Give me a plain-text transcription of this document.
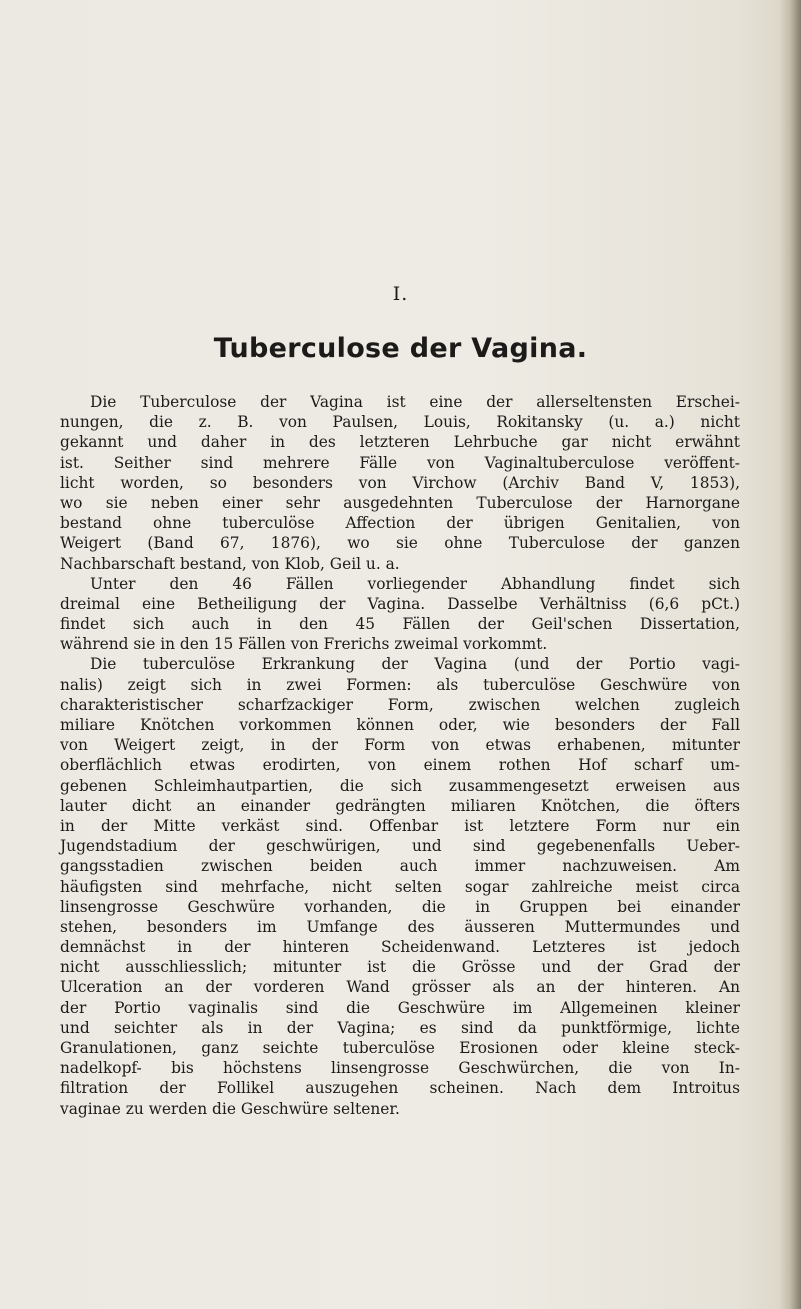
I.
Tuberculose der Vagina.
Die Tuberculose der Vagina ist eine der allerseltensten Erschei-
nungen, die z. B. von Paulsen, Louis, Rokitansky (u. a.) nicht
gekannt und daher in des letzteren Lehrbuche gar nicht erwähnt
ist. Seither sind mehrere Fälle von Vaginaltuberculose veröffent-
licht worden, so besonders von Virchow (Archiv Band V, 1853),
wo sie neben einer sehr ausgedehnten Tuberculose der Harnorgane
bestand ohne tuberculöse Affection der übrigen Genitalien, von
Weigert (Band 67, 1876), wo sie ohne Tuberculose der ganzen
Nachbarschaft bestand, von Klob, Geil u. a.
Unter den 46 Fällen vorliegender Abhandlung findet sich
dreimal eine Betheiligung der Vagina. Dasselbe Verhältniss (6,6 pCt.)
findet sich auch in den 45 Fällen der Geil'schen Dissertation,
während sie in den 15 Fällen von Frerichs zweimal vorkommt.
Die tuberculöse Erkrankung der Vagina (und der Portio vagi-
nalis) zeigt sich in zwei Formen: als tuberculöse Geschwüre von
charakteristischer scharfzackiger Form, zwischen welchen zugleich
miliare Knötchen vorkommen können oder, wie besonders der Fall
von Weigert zeigt, in der Form von etwas erhabenen, mitunter
oberflächlich etwas erodirten, von einem rothen Hof scharf um-
gebenen Schleimhautpartien, die sich zusammengesetzt erweisen aus
lauter dicht an einander gedrängten miliaren Knötchen, die öfters
in der Mitte verkäst sind. Offenbar ist letztere Form nur ein
Jugendstadium der geschwürigen, und sind gegebenenfalls Ueber-
gangsstadien zwischen beiden auch immer nachzuweisen. Am
häufigsten sind mehrfache, nicht selten sogar zahlreiche meist circa
linsengrosse Geschwüre vorhanden, die in Gruppen bei einander
stehen, besonders im Umfange des äusseren Muttermundes und
demnächst in der hinteren Scheidenwand. Letzteres ist jedoch
nicht ausschliesslich; mitunter ist die Grösse und der Grad der
Ulceration an der vorderen Wand grösser als an der hinteren. An
der Portio vaginalis sind die Geschwüre im Allgemeinen kleiner
und seichter als in der Vagina; es sind da punktförmige, lichte
Granulationen, ganz seichte tuberculöse Erosionen oder kleine steck-
nadelkopf- bis höchstens linsengrosse Geschwürchen, die von In-
filtration der Follikel auszugehen scheinen. Nach dem Introitus
vaginae zu werden die Geschwüre seltener.
